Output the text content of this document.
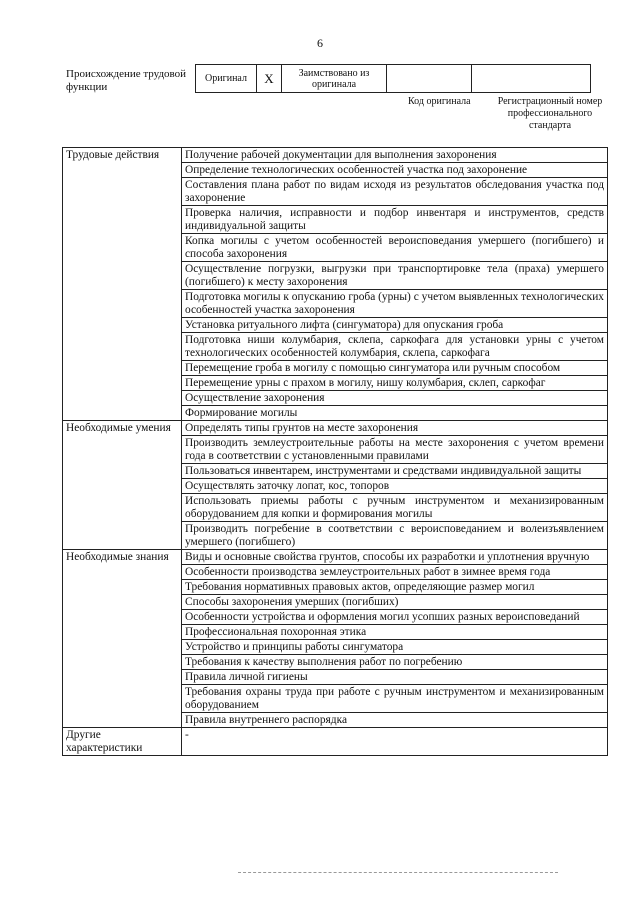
6
Происхождение трудовой функции
Оригинал	X	Заимствовано из оригинала		
Код оригинала	Регистрационный номер профессионального стандарта
Трудовые действия	Получение рабочей документации для выполнения захоронения
	Определение технологических особенностей участка под захоронение
	Составления плана работ по видам исходя из результатов обследования участка под захоронение
	Проверка наличия, исправности и подбор инвентаря и инструментов, средств индивидуальной защиты
	Копка могилы с учетом особенностей вероисповедания умершего (погибшего) и способа захоронения
	Осуществление погрузки, выгрузки при транспортировке тела (праха) умершего (погибшего) к месту захоронения
	Подготовка могилы к опусканию гроба (урны) с учетом выявленных технологических особенностей участка захоронения
	Установка ритуального лифта (сингуматора) для опускания гроба
	Подготовка ниши колумбария, склепа, саркофага для установки урны с учетом технологических особенностей колумбария, склепа, саркофага
	Перемещение гроба в могилу с помощью сингуматора или ручным способом
	Перемещение урны с прахом в могилу, нишу колумбария, склеп, саркофаг
	Осуществление захоронения
	Формирование могилы
Необходимые умения	Определять типы грунтов на месте захоронения
	Производить землеустроительные работы на месте захоронения с учетом времени года в соответствии с установленными правилами
	Пользоваться инвентарем, инструментами и средствами индивидуальной защиты
	Осуществлять заточку лопат, кос, топоров
	Использовать приемы работы с ручным инструментом и механизированным оборудованием для копки и формирования могилы
	Производить погребение в соответствии с вероисповеданием и волеизъявлением умершего (погибшего)
Необходимые знания	Виды и основные свойства грунтов, способы их разработки и уплотнения вручную
	Особенности производства землеустроительных работ в зимнее время года
	Требования нормативных правовых актов, определяющие размер могил
	Способы захоронения умерших (погибших)
	Особенности устройства и оформления могил усопших разных вероисповеданий
	Профессиональная похоронная этика
	Устройство и принципы работы сингуматора
	Требования к качеству выполнения работ по погребению
	Правила личной гигиены
	Требования охраны труда при работе с ручным инструментом и механизированным оборудованием
	Правила внутреннего распорядка
Другие характеристики	-
